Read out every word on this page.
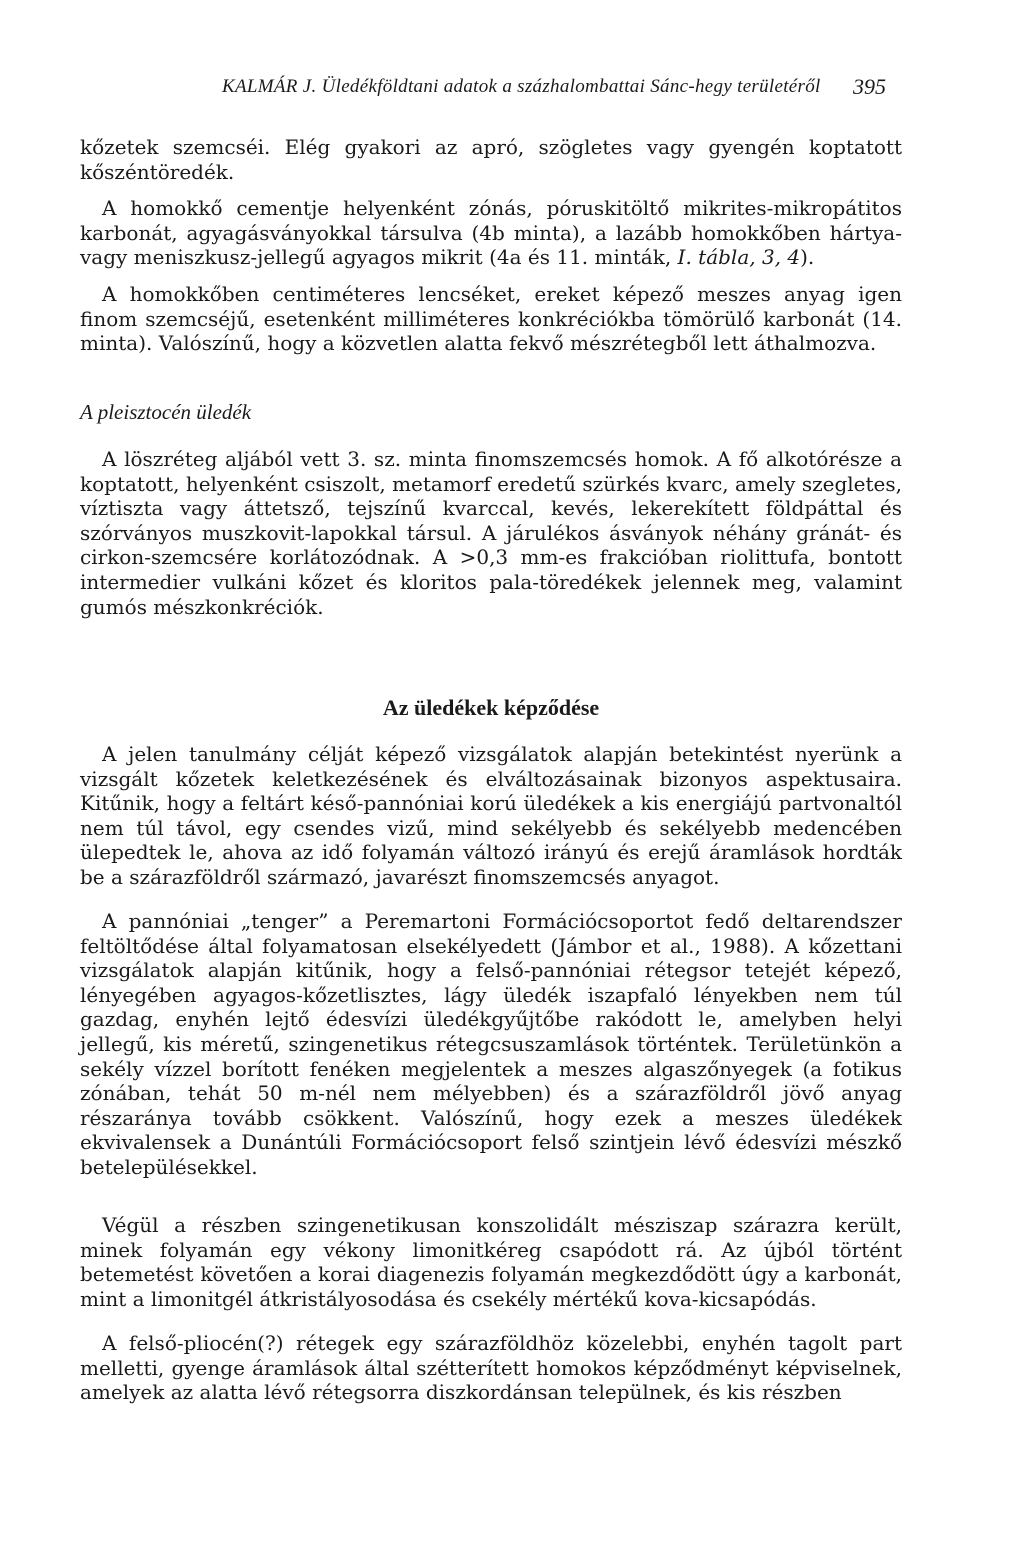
KALMÁR J. Üledékföldtani adatok a százhalombattai Sánc-hegy területéről 395

kőzetek szemcséi. Elég gyakori az apró, szögletes vagy gyengén koptatott kőszéntöredék.

A homokkő cementje helyenként zónás, póruskitöltő mikrites-mikropátitos karbonát, agyagásványokkal társulva (4b minta), a lazább homokkőben hártya-vagy meniszkusz-jellegű agyagos mikrit (4a és 11. minták, I. tábla, 3, 4).

A homokkőben centiméteres lencséket, ereket képező meszes anyag igen finom szemcséjű, esetenként milliméteres konkréciókba tömörülő karbonát (14. minta). Valószínű, hogy a közvetlen alatta fekvő mészrétegből lett áthalmozva.

A pleisztocén üledék

A löszréteg aljából vett 3. sz. minta finomszemcsés homok. A fő alkotórésze a koptatott, helyenként csiszolt, metamorf eredetű szürkés kvarc, amely szegletes, víztiszta vagy áttetsző, tejszínű kvarccal, kevés, lekerekített földpáttal és szórványos muszkovit-lapokkal társul. A járulékos ásványok néhány gránát- és cirkon-szemcsére korlátozódnak. A >0,3 mm-es frakcióban riolittufa, bontott intermedier vulkáni kőzet és kloritos pala-töredékek jelennek meg, valamint gumós mészkonkréciók.

Az üledékek képződése

A jelen tanulmány célját képező vizsgálatok alapján betekintést nyerünk a vizsgált kőzetek keletkezésének és elváltozásainak bizonyos aspektusaira. Kitűnik, hogy a feltárt késő-pannóniai korú üledékek a kis energiájú partvonaltól nem túl távol, egy csendes vizű, mind sekélyebb és sekélyebb medencében ülepedtek le, ahova az idő folyamán változó irányú és erejű áramlások hordták be a szárazföldről származó, javarészt finomszemcsés anyagot.

A pannóniai „tenger” a Peremartoni Formációcsoportot fedő deltarendszer feltöltődése által folyamatosan elsekélyedett (Jámbor et al., 1988). A kőzettani vizsgálatok alapján kitűnik, hogy a felső-pannóniai rétegsor tetejét képező, lényegében agyagos-kőzetlisztes, lágy üledék iszapfaló lényekben nem túl gazdag, enyhén lejtő édesvízi üledékgyűjtőbe rakódott le, amelyben helyi jellegű, kis méretű, szingenetikus rétegcsuszamlások történtek. Területünkön a sekély vízzel borított fenéken megjelentek a meszes algaszőnyegek (a fotikus zónában, tehát 50 m-nél nem mélyebben) és a szárazföldről jövő anyag részaránya tovább csökkent. Valószínű, hogy ezek a meszes üledékek ekvivalensek a Dunántúli Formációcsoport felső szintjein lévő édesvízi mészkő betelepülésekkel.

Végül a részben szingenetikusan konszolidált mésziszap szárazra került, minek folyamán egy vékony limonitkéreg csapódott rá. Az újból történt betemetést követően a korai diagenezis folyamán megkezdődött úgy a karbonát, mint a limonitgél átkristályosodása és csekély mértékű kova-kicsapódás.

A felső-pliocén(?) rétegek egy szárazföldhöz közelebbi, enyhén tagolt part melletti, gyenge áramlások által szétterített homokos képződményt képviselnek, amelyek az alatta lévő rétegsorra diszkordánsan települnek, és kis részben
